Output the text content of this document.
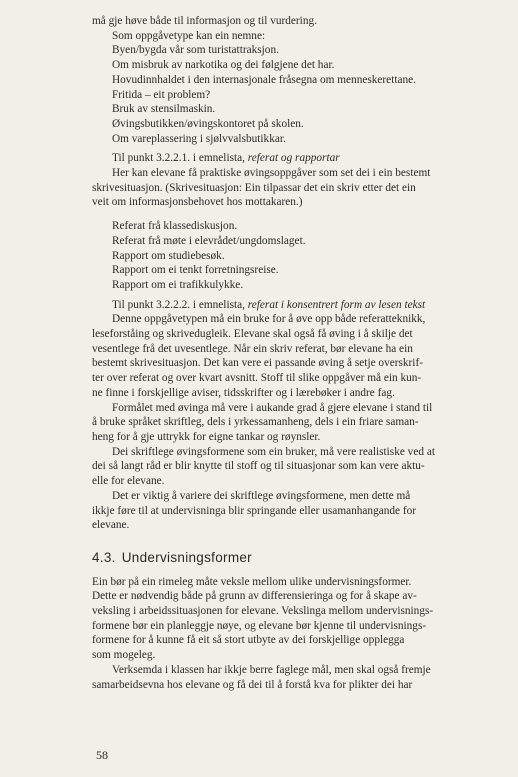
må gje høve både til informasjon og til vurdering.
Som oppgåvetype kan ein nemne:
Byen/bygda vår som turistattraksjon.
Om misbruk av narkotika og dei følgjene det har.
Hovudinnhaldet i den internasjonale fråsegna om menneskerettane.
Fritida – eit problem?
Bruk av stensilmaskin.
Øvingsbutikken/øvingskontoret på skolen.
Om vareplassering i sjølvvalsbutikkar.
Til punkt 3.2.2.1. i emnelista, referat og rapportar
Her kan elevane få praktiske øvingsoppgåver som set dei i ein bestemt
skrivesituasjon. (Skrivesituasjon: Ein tilpassar det ein skriv etter det ein
veit om informasjonsbehovet hos mottakaren.)
Referat frå klassediskusjon.
Referat frå møte i elevrådet/ungdomslaget.
Rapport om studiebesøk.
Rapport om ei tenkt forretningsreise.
Rapport om ei trafikkulykke.
Til punkt 3.2.2.2. i emnelista, referat i konsentrert form av lesen tekst
Denne oppgåvetypen må ein bruke for å øve opp både referatteknikk,
leseforståing og skrivedugleik. Elevane skal også få øving i å skilje det
vesentlege frå det uvesentlege. Når ein skriv referat, bør elevane ha ein
bestemt skrivesituasjon. Det kan vere ei passande øving å setje overskrif-
ter over referat og over kvart avsnitt. Stoff til slike oppgåver må ein kun-
ne finne i forskjellige aviser, tidsskrifter og i lærebøker i andre fag.
Formålet med øvinga må vere i aukande grad å gjere elevane i stand til
å bruke språket skriftleg, dels i yrkessamanheng, dels i ein friare saman-
heng for å gje uttrykk for eigne tankar og røynsler.
Dei skriftlege øvingsformene som ein bruker, må vere realistiske ved at
dei så langt råd er blir knytte til stoff og til situasjonar som kan vere aktu-
elle for elevane.
Det er viktig å variere dei skriftlege øvingsformene, men dette må
ikkje føre til at undervisninga blir springande eller usamanhangande for
elevane.
4.3. Undervisningsformer
Ein bør på ein rimeleg måte veksle mellom ulike undervisningsformer.
Dette er nødvendig både på grunn av differensieringa og for å skape av-
veksling i arbeidssituasjonen for elevane. Vekslinga mellom undervisnings-
formene bør ein planleggje nøye, og elevane bør kjenne til undervisnings-
formene for å kunne få eit så stort utbyte av dei forskjellige opplegga
som mogeleg.
Verksemda i klassen har ikkje berre faglege mål, men skal også fremje
samarbeidsevna hos elevane og få dei til å forstå kva for plikter dei har
58
